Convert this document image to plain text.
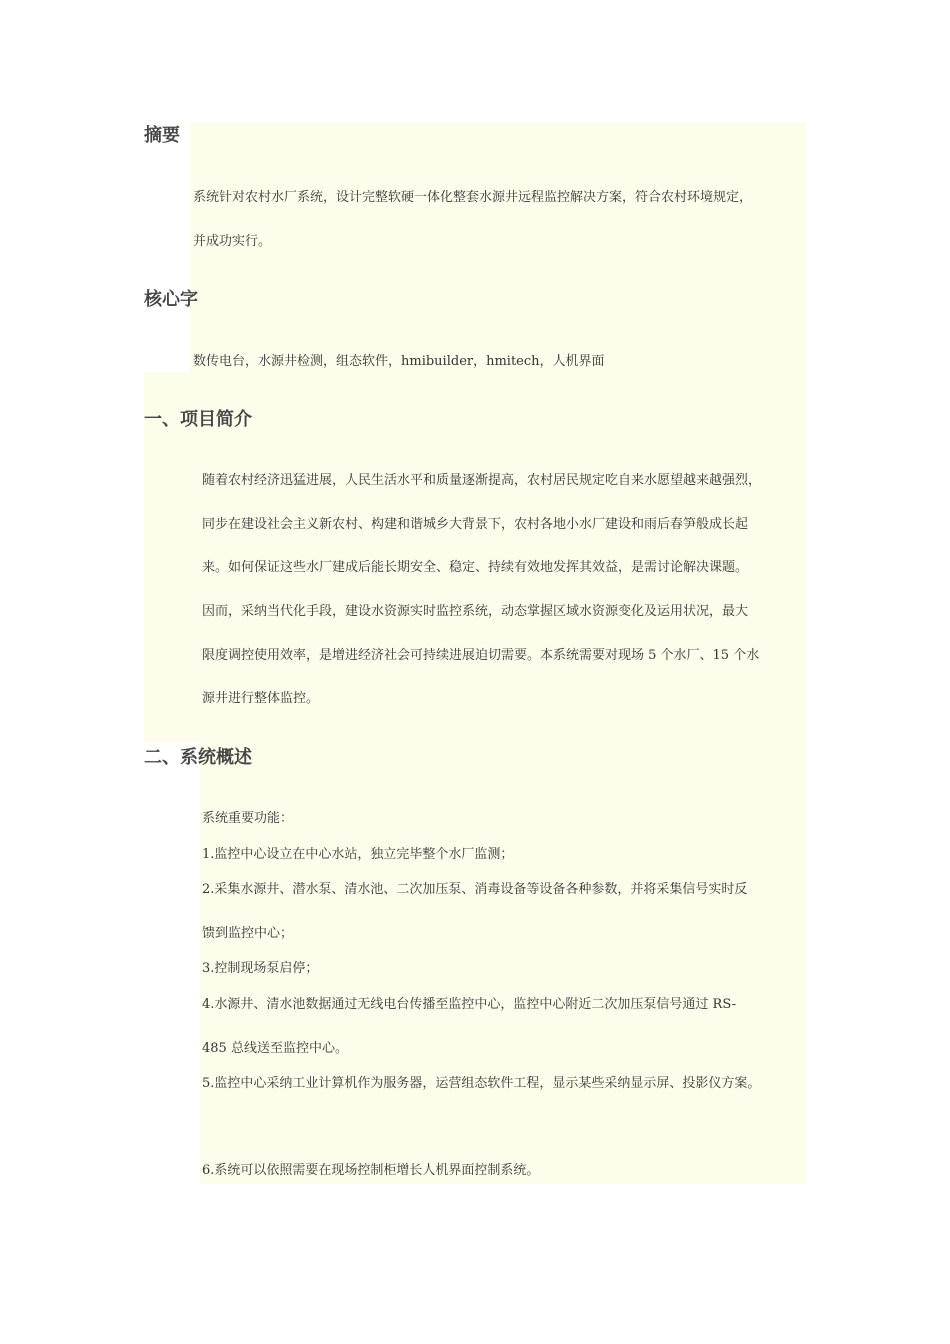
摘要

系统针对农村水厂系统，设计完整软硬一体化整套水源井远程监控解决方案，符合农村环境规定，

并成功实行。

核心字

数传电台，水源井检测，组态软件，hmibuilder，hmitech，人机界面

一、项目简介

随着农村经济迅猛进展，人民生活水平和质量逐渐提高，农村居民规定吃自来水愿望越来越强烈，

同步在建设社会主义新农村、构建和谐城乡大背景下，农村各地小水厂建设和雨后春笋般成长起

来。如何保证这些水厂建成后能长期安全、稳定、持续有效地发挥其效益，是需讨论解决课题。

因而，采纳当代化手段，建设水资源实时监控系统，动态掌握区域水资源变化及运用状况，最大

限度调控使用效率，是增进经济社会可持续进展迫切需要。本系统需要对现场 5 个水厂、15 个水

源井进行整体监控。

二、系统概述

系统重要功能：

1.监控中心设立在中心水站，独立完毕整个水厂监测；

2.采集水源井、潜水泵、清水池、二次加压泵、消毒设备等设备各种参数，并将采集信号实时反

馈到监控中心；

3.控制现场泵启停；

4.水源井、清水池数据通过无线电台传播至监控中心，监控中心附近二次加压泵信号通过 RS-

485 总线送至监控中心。

5.监控中心采纳工业计算机作为服务器，运营组态软件工程，显示某些采纳显示屏、投影仪方案。

6.系统可以依照需要在现场控制柜增长人机界面控制系统。
